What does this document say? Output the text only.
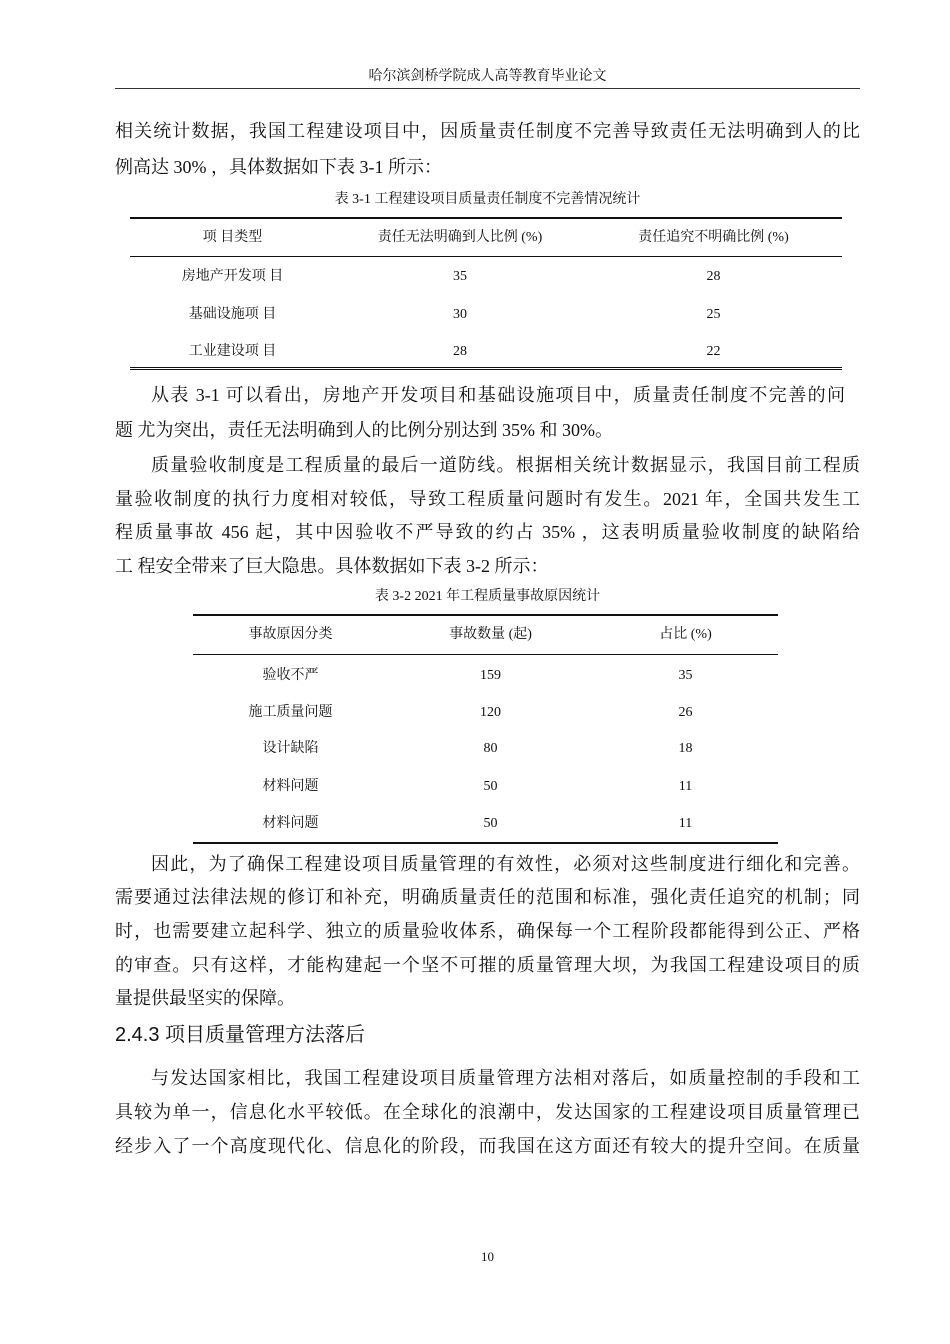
哈尔滨剑桥学院成人高等教育毕业论文
相关统计数据，我国工程建设项目中，因质量责任制度不完善导致责任无法明确到人的比
例高达 30% ，具体数据如下表 3-1 所示：
表 3-1 工程建设项目质量责任制度不完善情况统计
项 目类型	责任无法明确到人比例 (%)	责任追究不明确比例 (%)
房地产开发项 目	35	28
基础设施项 目	30	25
工业建设项 目	28	22
从表 3-1 可以看出，房地产开发项目和基础设施项目中，质量责任制度不完善的问
题 尤为突出，责任无法明确到人的比例分别达到 35% 和 30%。
质量验收制度是工程质量的最后一道防线。根据相关统计数据显示，我国目前工程质
量验收制度的执行力度相对较低，导致工程质量问题时有发生。2021 年，全国共发生工
程质量事故 456 起，其中因验收不严导致的约占 35% ，这表明质量验收制度的缺陷给
工 程安全带来了巨大隐患。具体数据如下表 3-2 所示：
表 3-2 2021 年工程质量事故原因统计
事故原因分类	事故数量 (起)	占比 (%)
验收不严	159	35
施工质量问题	120	26
设计缺陷	80	18
材料问题	50	11
材料问题	50	11
因此，为了确保工程建设项目质量管理的有效性，必须对这些制度进行细化和完善。
需要通过法律法规的修订和补充，明确质量责任的范围和标准，强化责任追究的机制；同
时，也需要建立起科学、独立的质量验收体系，确保每一个工程阶段都能得到公正、严格
的审查。只有这样，才能构建起一个坚不可摧的质量管理大坝，为我国工程建设项目的质
量提供最坚实的保障。
2.4.3 项目质量管理方法落后
与发达国家相比，我国工程建设项目质量管理方法相对落后，如质量控制的手段和工
具较为单一，信息化水平较低。在全球化的浪潮中，发达国家的工程建设项目质量管理已
经步入了一个高度现代化、信息化的阶段，而我国在这方面还有较大的提升空间。在质量
10
